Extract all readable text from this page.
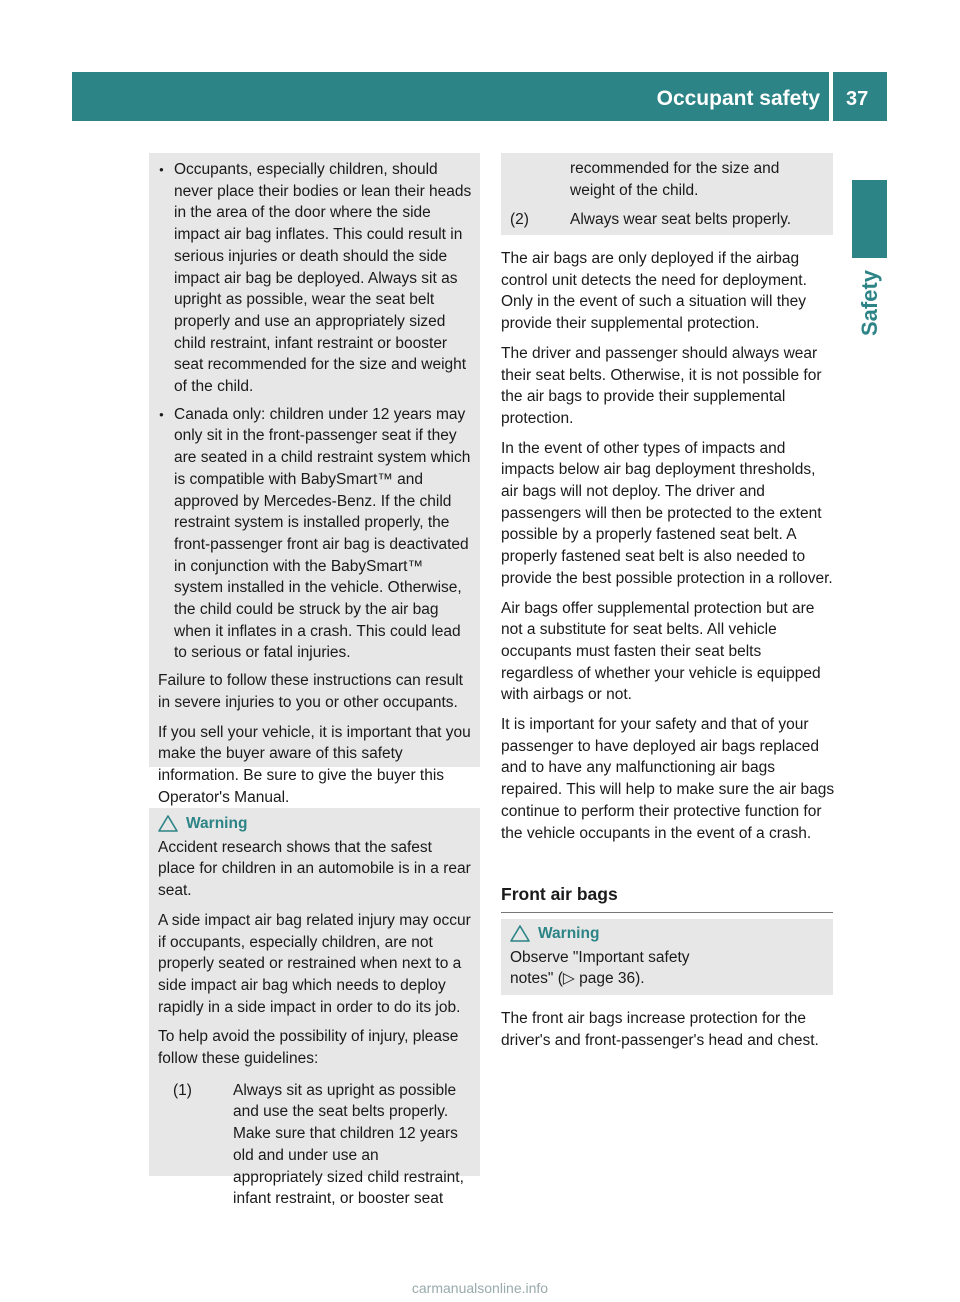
Occupant safety 37
Safety
● Occupants, especially children, should never place their bodies or lean their heads in the area of the door where the side impact air bag inflates. This could result in serious injuries or death should the side impact air bag be deployed. Always sit as upright as possible, wear the seat belt properly and use an appropriately sized child restraint, infant restraint or booster seat recommended for the size and weight of the child.
● Canada only: children under 12 years may only sit in the front-passenger seat if they are seated in a child restraint system which is compatible with BabySmart™ and approved by Mercedes-Benz. If the child restraint system is installed properly, the front-passenger front air bag is deactivated in conjunction with the BabySmart™ system installed in the vehicle. Otherwise, the child could be struck by the air bag when it inflates in a crash. This could lead to serious or fatal injuries.

Failure to follow these instructions can result in severe injuries to you or other occupants.

If you sell your vehicle, it is important that you make the buyer aware of this safety information. Be sure to give the buyer this Operator's Manual.

Warning

Accident research shows that the safest place for children in an automobile is in a rear seat.

A side impact air bag related injury may occur if occupants, especially children, are not properly seated or restrained when next to a side impact air bag which needs to deploy rapidly in a side impact in order to do its job.

To help avoid the possibility of injury, please follow these guidelines:

(1)	Always sit as upright as possible and use the seat belts properly. Make sure that children 12 years old and under use an appropriately sized child restraint, infant restraint, or booster seat
recommended for the size and weight of the child.
(2)	Always wear seat belts properly.

The air bags are only deployed if the airbag control unit detects the need for deployment. Only in the event of such a situation will they provide their supplemental protection.

The driver and passenger should always wear their seat belts. Otherwise, it is not possible for the air bags to provide their supplemental protection.

In the event of other types of impacts and impacts below air bag deployment thresholds, air bags will not deploy. The driver and passengers will then be protected to the extent possible by a properly fastened seat belt. A properly fastened seat belt is also needed to provide the best possible protection in a rollover.

Air bags offer supplemental protection but are not a substitute for seat belts. All vehicle occupants must fasten their seat belts regardless of whether your vehicle is equipped with airbags or not.

It is important for your safety and that of your passenger to have deployed air bags replaced and to have any malfunctioning air bags repaired. This will help to make sure the air bags continue to perform their protective function for the vehicle occupants in the event of a crash.

Front air bags
Warning

Observe "Important safety notes" (▷ page 36).

The front air bags increase protection for the driver's and front-passenger's head and chest.

carmanualsonline.info
